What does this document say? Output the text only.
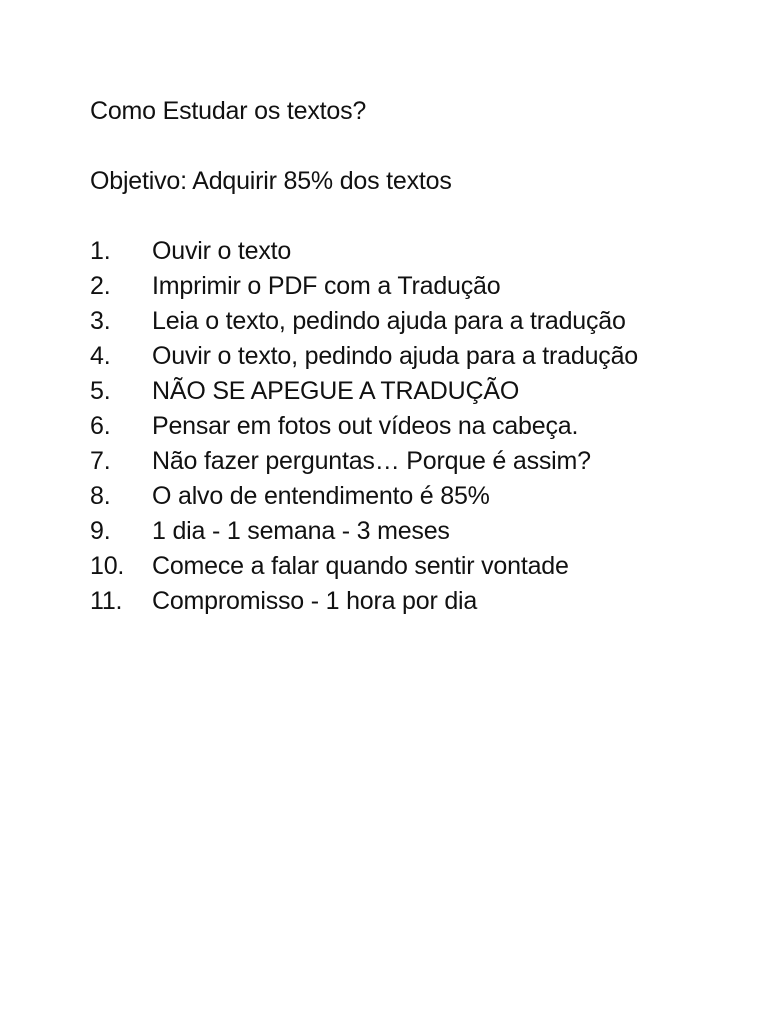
Como Estudar os textos?

Objetivo: Adquirir 85% dos textos

1.	Ouvir o texto
2.	Imprimir o PDF com a Tradução
3.	Leia o texto, pedindo ajuda para a tradução
4.	Ouvir o texto, pedindo ajuda para a tradução
5.	NÃO SE APEGUE A TRADUÇÃO
6.	Pensar em fotos out vídeos na cabeça.
7.	Não fazer perguntas… Porque é assim?
8.	O alvo de entendimento é 85%
9.	1 dia - 1 semana - 3 meses
10.	Comece a falar quando sentir vontade
11.	Compromisso - 1 hora por dia
